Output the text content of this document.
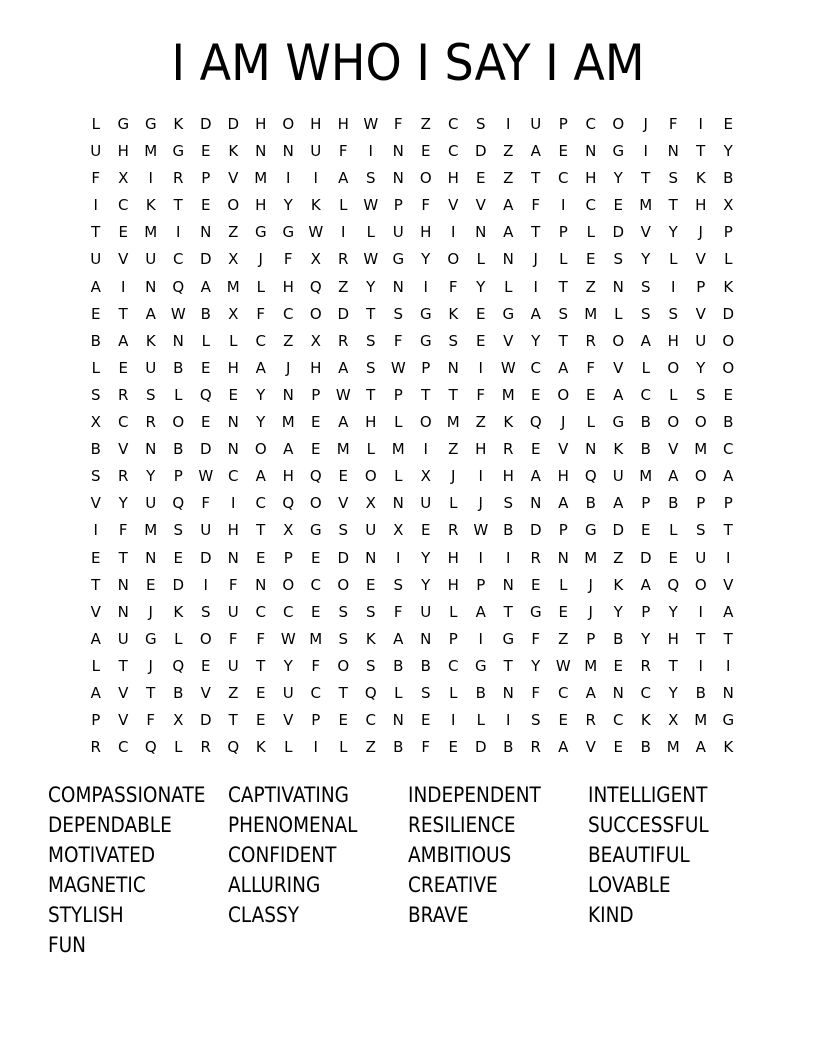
I AM WHO I SAY I AM
L	G	G	K	D	D	H	O	H	H W	F	Z	C	S	I	U	P	C	O	J	F	I	E
U	H	M	G	E	K	N	N	U	F	I	N	E	C	D	Z	A	E	N	G	I	N	T	Y
F	X	I	R	P	V	M	I	I	A	S	N	O	H	E	Z	T	C	H	Y	T	S	K	B
I	C	K	T	E	O	H	Y	K	L	W	P	F	V	V	A	F	I	C	E	M	T	H	X
T	E	M	I	N	Z	G	G W	I	L	U	H	I	N	A	T	P	L	D	V	Y	J	P
U	V	U	C	D	X	J	F	X	R W G	Y	O	L	N	J	L	E	S	Y	L	V	L
A	I	N	Q	A	M	L	H	Q	Z	Y	N	I	F	Y	L	I	T	Z	N	S	I	P	K
E	T	A W B	X	F	C	O	D	T	S	G	K	E	G	A	S	M	L	S	S	V	D
B	A	K	N	L	L	C	Z	X	R	S	F	G	S	E	V	Y	T	R	O	A	H	U	O
L	E	U	B	E	H	A	J	H	A	S	W	P	N	I	W C	A	F	V	L	O	Y	O
S	R	S	L	Q	E	Y	N	P	W	T	P	T	T	F	M	E	O	E	A	C	L	S	E
X	C	R	O	E	N	Y	M	E	A	H	L	O	M	Z	K	Q	J	L	G	B	O	O	B
B	V	N	B	D	N	O	A	E	M	L	M	I	Z	H	R	E	V	N	K	B	V	M	C
S	R	Y	P	W C	A	H	Q	E	O	L	X	J	I	H	A	H	Q	U	M	A	O	A
V	Y	U	Q	F	I	C	Q	O	V	X	N	U	L	J	S	N	A	B	A	P	B	P	P
I	F	M	S	U	H	T	X	G	S	U	X	E	R W B	D	P	G	D	E	L	S	T
E	T	N	E	D	N	E	P	E	D	N	I	Y	H	I	I	R	N	M	Z	D	E	U	I
T	N	E	D	I	F	N	O	C	O	E	S	Y	H	P	N	E	L	J	K	A	Q	O	V
V	N	J	K	S	U	C	C	E	S	S	F	U	L	A	T	G	E	J	Y	P	Y	I	A
A	U	G	L	O	F	F	W M	S	K	A	N	P	I	G	F	Z	P	B	Y	H	T	T
L	T	J	Q	E	U	T	Y	F	O	S	B	B	C	G	T	Y	W M	E	R	T	I	I
A	V	T	B	V	Z	E	U	C	T	Q	L	S	L	B	N	F	C	A	N	C	Y	B	N
P	V	F	X	D	T	E	V	P	E	C	N	E	I	L	I	S	E	R	C	K	X	M	G
R	C	Q	L	R	Q	K	L	I	L	Z	B	F	E	D	B	R	A	V	E	B	M	A	K
COMPASSIONATE CAPTIVATING	INDEPENDENT	INTELLIGENT
DEPENDABLE	PHENOMENAL	RESILIENCE	SUCCESSFUL
MOTIVATED	CONFIDENT	AMBITIOUS	BEAUTIFUL
MAGNETIC	ALLURING	CREATIVE	LOVABLE
STYLISH	CLASSY	BRAVE	KIND
FUN
